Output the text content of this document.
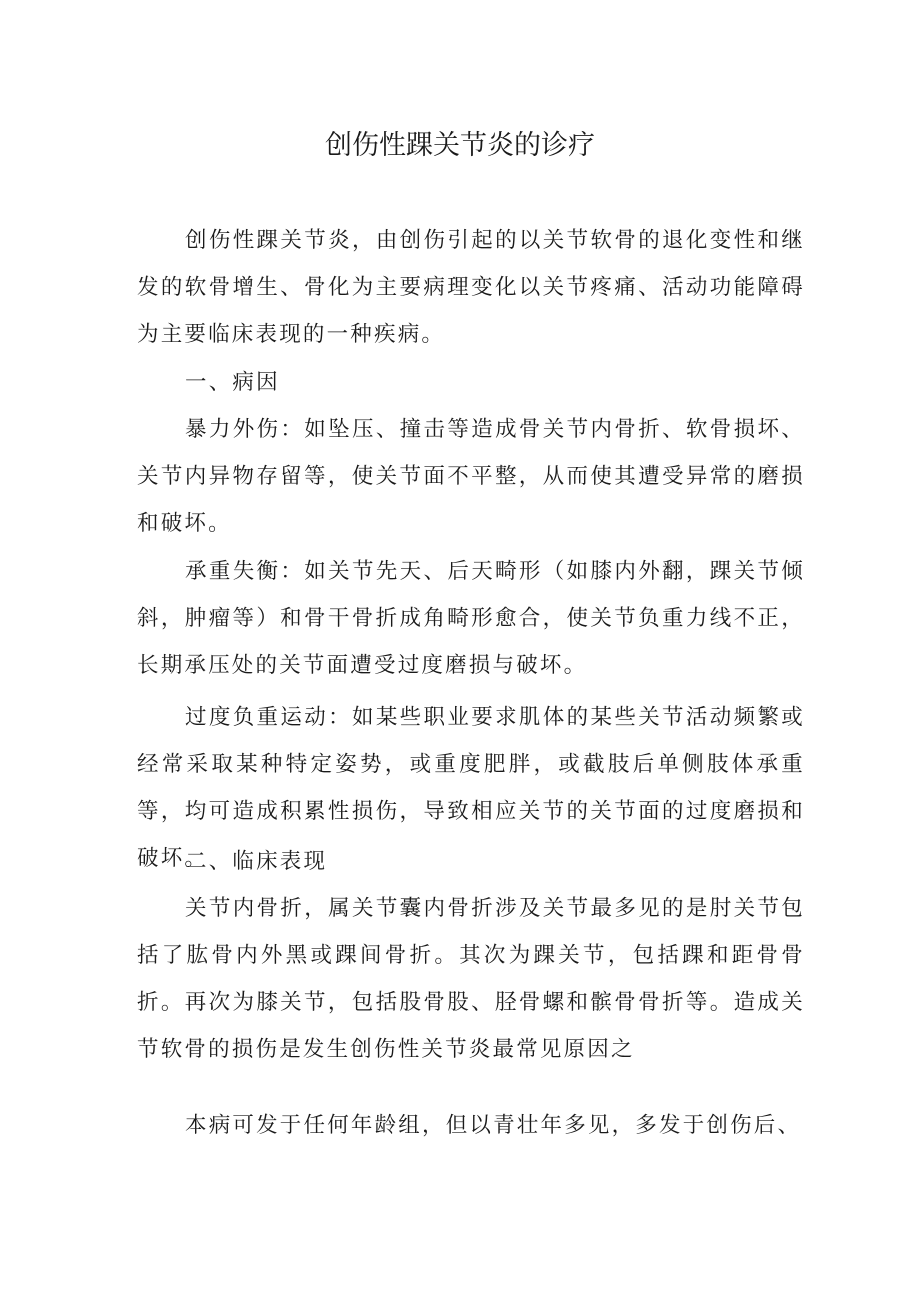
创伤性踝关节炎的诊疗

创伤性踝关节炎，由创伤引起的以关节软骨的退化变性和继发的软骨增生、骨化为主要病理变化以关节疼痛、活动功能障碍为主要临床表现的一种疾病。

一、病因

暴力外伤：如坠压、撞击等造成骨关节内骨折、软骨损坏、关节内异物存留等，使关节面不平整，从而使其遭受异常的磨损和破坏。

承重失衡：如关节先天、后天畸形（如膝内外翻，踝关节倾斜，肿瘤等）和骨干骨折成角畸形愈合，使关节负重力线不正，长期承压处的关节面遭受过度磨损与破坏。

过度负重运动：如某些职业要求肌体的某些关节活动频繁或经常采取某种特定姿势，或重度肥胖，或截肢后单侧肢体承重等，均可造成积累性损伤，导致相应关节的关节面的过度磨损和破坏。

二、临床表现

关节内骨折，属关节囊内骨折涉及关节最多见的是肘关节包括了肱骨内外黑或踝间骨折。其次为踝关节，包括踝和距骨骨折。再次为膝关节，包括股骨股、胫骨螺和髌骨骨折等。造成关节软骨的损伤是发生创伤性关节炎最常见原因之

本病可发于任何年龄组，但以青壮年多见，多发于创伤后、
